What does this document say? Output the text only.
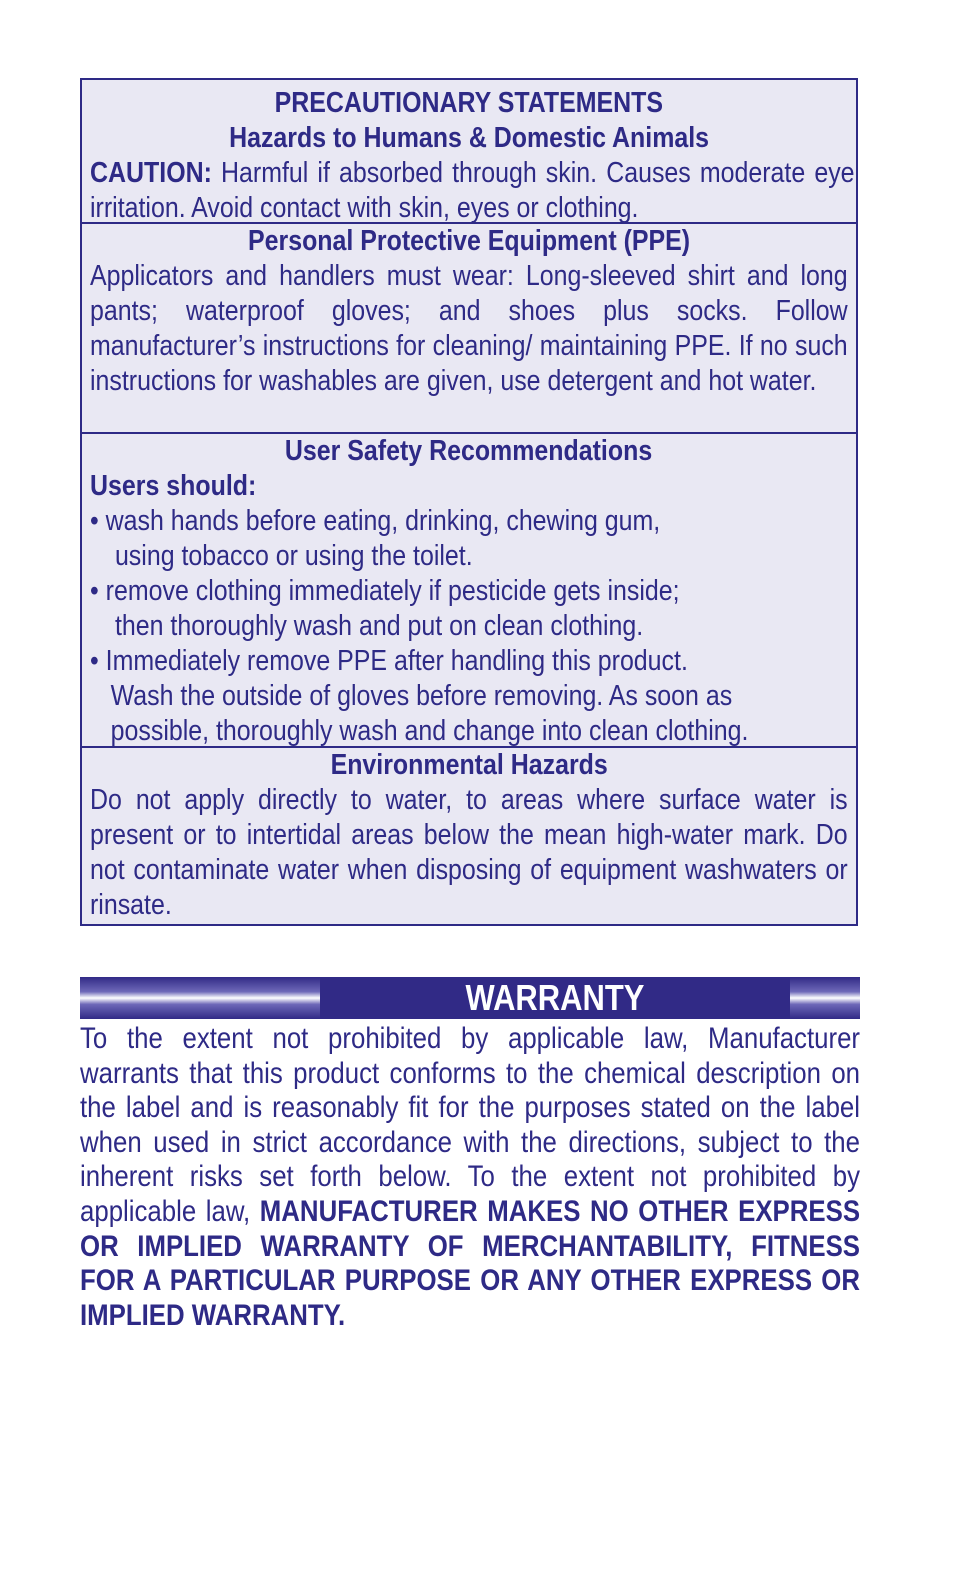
PRECAUTIONARY STATEMENTS
Hazards to Humans & Domestic Animals
CAUTION: Harmful if absorbed through skin. Causes moderate eye irritation. Avoid contact with skin, eyes or clothing.
Personal Protective Equipment (PPE)
Applicators and handlers must wear: Long-sleeved shirt and long pants; waterproof gloves; and shoes plus socks. Follow manufacturer’s instructions for cleaning/ maintaining PPE. If no such instructions for washables are given, use detergent and hot water.
User Safety Recommendations
Users should:
• wash hands before eating, drinking, chewing gum,
using tobacco or using the toilet.
• remove clothing immediately if pesticide gets inside;
then thoroughly wash and put on clean clothing.
• Immediately remove PPE after handling this product.
Wash the outside of gloves before removing. As soon as
possible, thoroughly wash and change into clean clothing.
Environmental Hazards
Do not apply directly to water, to areas where surface water is present or to intertidal areas below the mean high-water mark. Do not contaminate water when disposing of equipment washwaters or rinsate.
WARRANTY
To the extent not prohibited by applicable law, Manufacturer warrants that this product conforms to the chemical description on the label and is reasonably fit for the purposes stated on the label when used in strict accordance with the directions, subject to the inherent risks set forth below. To the extent not prohibited by applicable law, MANUFACTURER MAKES NO OTHER EXPRESS OR IMPLIED WARRANTY OF MERCHANTABILITY, FITNESS FOR A PARTICULAR PURPOSE OR ANY OTHER EXPRESS OR IMPLIED WARRANTY.
